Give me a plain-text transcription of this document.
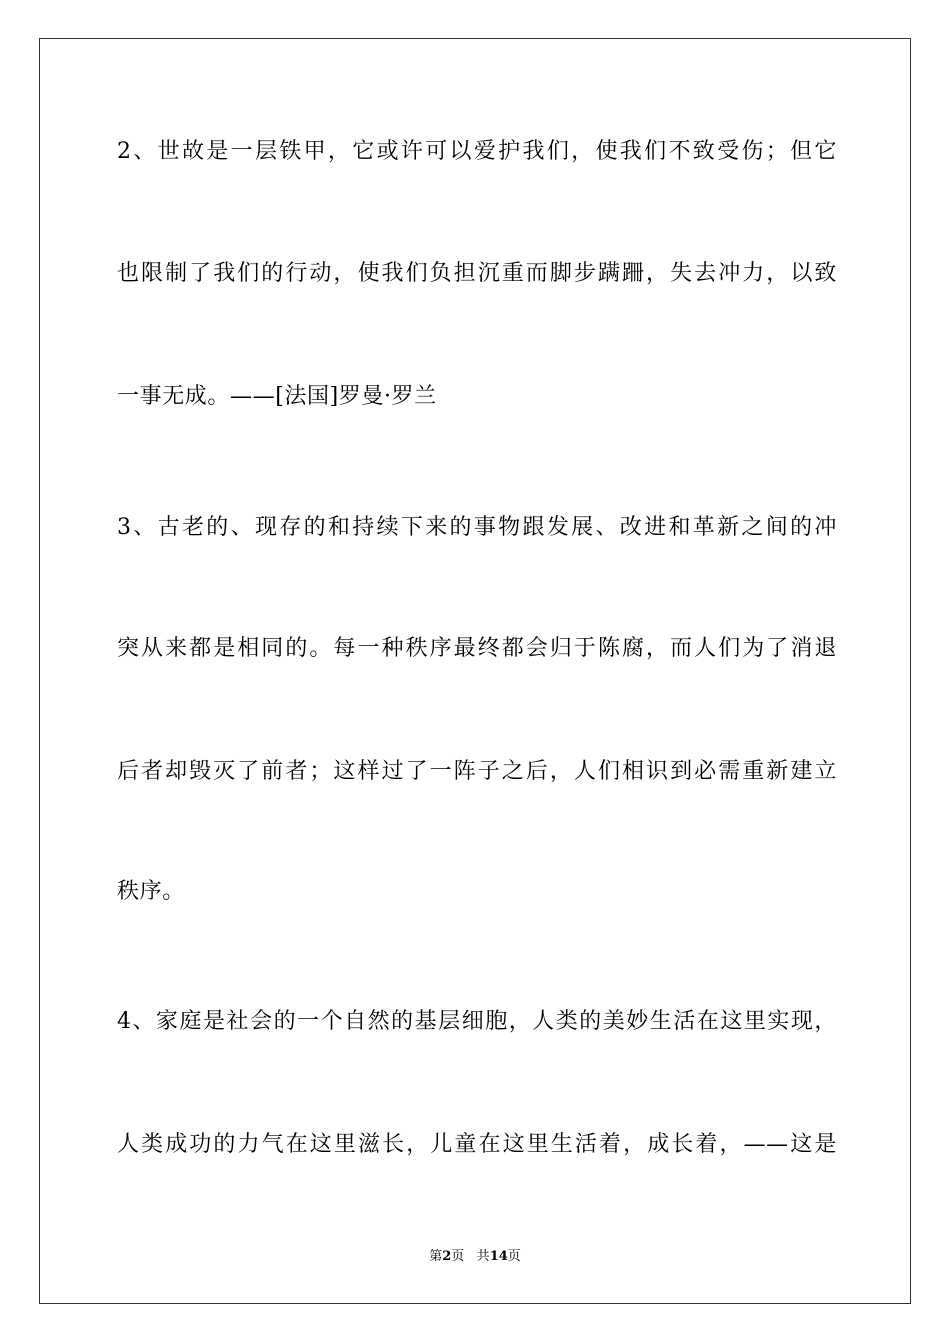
2、世故是一层铁甲，它或许可以爱护我们，使我们不致受伤；但它
也限制了我们的行动，使我们负担沉重而脚步蹒跚，失去冲力，以致
一事无成。——[法国]罗曼·罗兰
3、古老的、现存的和持续下来的事物跟发展、改进和革新之间的冲
突从来都是相同的。每一种秩序最终都会归于陈腐，而人们为了消退
后者却毁灭了前者；这样过了一阵子之后，人们相识到必需重新建立
秩序。
4、家庭是社会的一个自然的基层细胞，人类的美妙生活在这里实现，
人类成功的力气在这里滋长，儿童在这里生活着，成长着，——这是
第2页 共14页
